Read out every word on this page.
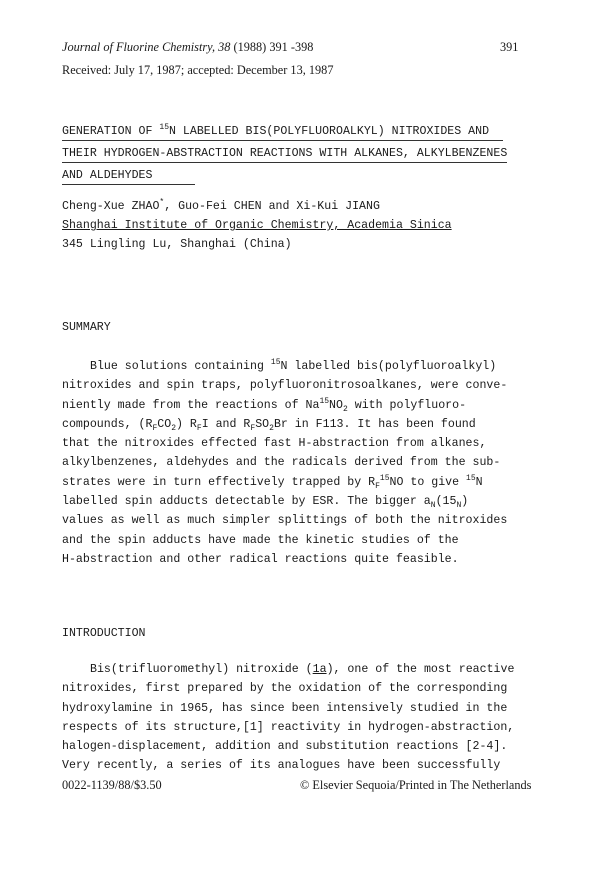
Journal of Fluorine Chemistry, 38 (1988) 391 -398	391
Received: July 17, 1987; accepted: December 13, 1987
GENERATION OF $^{15}$N LABELLED BIS(POLYFLUOROALKYL) NITROXIDES AND
THEIR HYDROGEN-ABSTRACTION REACTIONS WITH ALKANES, ALKYLBENZENES
AND ALDEHYDES
Cheng-Xue ZHAO*, Guo-Fei CHEN and Xi-Kui JIANG
Shanghai Institute of Organic Chemistry, Academia Sinica
345 Lingling Lu, Shanghai (China)
SUMMARY
Blue solutions containing $^{15}$N labelled bis(polyfluoroalkyl)
nitroxides and spin traps, polyfluoronitrosoalkanes, were conve-
niently made from the reactions of $Na^{15}NO_2$ with polyfluoro-
compounds, $(R_FCO_2)$ $R_FI$ and $R_FSO_2Br$ in F113. It has been found
that the nitroxides effected fast H-abstraction from alkanes,
alkylbenzenes, aldehydes and the radicals derived from the sub-
strates were in turn effectively trapped by $R_F^{15}NO$ to give $^{15}$N
labelled spin adducts detectable by ESR. The bigger $a_N(15_N)$
values as well as much simpler splittings of both the nitroxides
and the spin adducts have made the kinetic studies of the
H-abstraction and other radical reactions quite feasible.
INTRODUCTION
Bis(trifluoromethyl) nitroxide (1a), one of the most reactive
nitroxides, first prepared by the oxidation of the corresponding
hydroxylamine in 1965, has since been intensively studied in the
respects of its structure,[1] reactivity in hydrogen-abstraction,
halogen-displacement, addition and substitution reactions [2-4].
Very recently, a series of its analogues have been successfully
0022-1139/88/$3.50	© Elsevier Sequoia/Printed in The Netherlands
